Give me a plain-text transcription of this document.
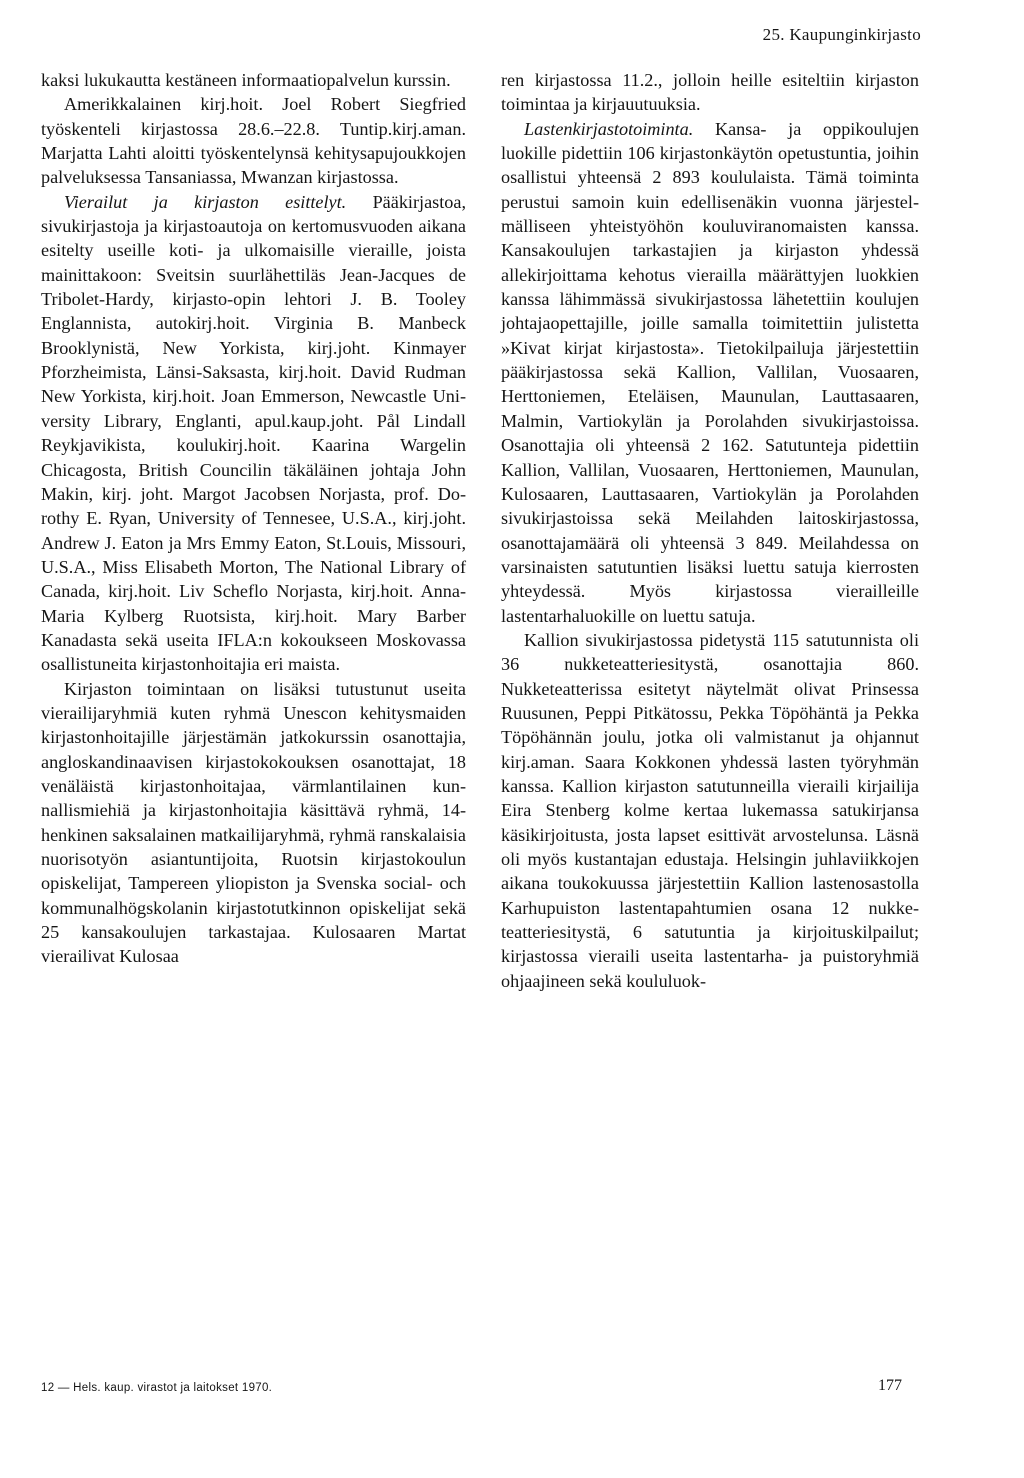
25. Kaupunginkirjasto

kaksi lukukautta kestäneen informaatiopalvelun kurssin.

Amerikkalainen kirj.hoit. Joel Robert Siegfried työskenteli kirjastossa 28.6.–22.8. Tuntip.kirj.aman. Marjatta Lahti aloitti työskentelynsä kehitysapujoukkojen palveluksessa Tansaniassa, Mwanzan kirjastossa.

Vierailut ja kirjaston esittelyt. Pääkirjastoa, sivukirjastoja ja kirjastoautoja on kertomusvuoden aikana esitelty useille koti- ja ulkomaisille vieraille, joista mainittakoon: Sveitsin suurlähettiläs Jean-Jacques de Tribolet-Hardy, kirjasto-opin lehtori J. B. Tooley Englannista, autokirj.hoit. Virginia B. Manbeck Brooklynistä, New Yorkista, kirj.joht. Kinmayer Pforzheimista, Länsi-Saksasta, kirj.hoit. David Rudman New Yorkista, kirj.hoit. Joan Emmerson, Newcastle University Library, Englanti, apul.kaup.joht. Pål Lindall Reykjavikista, koulukirj.hoit. Kaarina Wargelin Chicagosta, British Councilin täkäläinen johtaja John Makin, kirj. joht. Margot Jacobsen Norjasta, prof. Dorothy E. Ryan, University of Tennesee, U.S.A., kirj.joht. Andrew J. Eaton ja Mrs Emmy Eaton, St.Louis, Missouri, U.S.A., Miss Elisabeth Morton, The National Library of Canada, kirj.hoit. Liv Scheflo Norjasta, kirj.hoit. Anna-Maria Kylberg Ruotsista, kirj.hoit. Mary Barber Kanadasta sekä useita IFLA:n kokoukseen Moskovassa osallistuneita kirjastonhoitajia eri maista.

Kirjaston toimintaan on lisäksi tutustunut useita vierailijaryhmiä kuten ryhmä Unescon kehitysmaiden kirjastonhoitajille järjestämän jatkokurssin osanottajia, angloskandinaavisen kirjastokokouksen osanottajat, 18 venäläistä kirjastonhoitajaa, värmlantilainen kunnallismiehiä ja kirjastonhoitajia käsittävä ryhmä, 14-henkinen saksalainen matkailijaryhmä, ryhmä ranskalaisia nuorisotyön asiantuntijoita, Ruotsin kirjastokoulun opiskelijat, Tampereen yliopiston ja Svenska social- och kommunalhögskolanin kirjastotutkinnon opiskelijat sekä 25 kansakoulujen tarkastajaa. Kulosaaren Martat vierailivat Kulosaa

ren kirjastossa 11.2., jolloin heille esiteltiin kirjaston toimintaa ja kirjauutuuksia.

Lastenkirjastotoiminta. Kansa- ja oppikoulujen luokille pidettiin 106 kirjastonkäytön opetustuntia, joihin osallistui yhteensä 2 893 koululaista. Tämä toiminta perustui samoin kuin edellisenäkin vuonna järjestelmälliseen yhteistyöhön kouluviranomaisten kanssa. Kansakoulujen tarkastajien ja kirjaston yhdessä allekirjoittama kehotus vierailla määrättyjen luokkien kanssa lähimmässä sivukirjastossa lähetettiin koulujen johtajaopettajille, joille samalla toimitettiin julistetta »Kivat kirjat kirjastosta». Tietokilpailuja järjestettiin pääkirjastossa sekä Kallion, Vallilan, Vuosaaren, Herttoniemen, Eteläisen, Maunulan, Lauttasaaren, Malmin, Vartiokylän ja Porolahden sivukirjastoissa. Osanottajia oli yhteensä 2 162. Satutunteja pidettiin Kallion, Vallilan, Vuosaaren, Herttoniemen, Maunulan, Kulosaaren, Lauttasaaren, Vartiokylän ja Porolahden sivukirjastoissa sekä Meilahden laitoskirjastossa, osanottajamäärä oli yhteensä 3 849. Meilahdessa on varsinaisten satutuntien lisäksi luettu satuja kierrosten yhteydessä. Myös kirjastossa vierailleille lastentarhaluokille on luettu satuja.

Kallion sivukirjastossa pidetystä 115 satutunnista oli 36 nukketeatteriesitystä, osanottajia 860. Nukketeatterissa esitetyt näytelmät olivat Prinsessa Ruusunen, Peppi Pitkätossu, Pekka Töpöhäntä ja Pekka Töpöhännän joulu, jotka oli valmistanut ja ohjannut kirj.aman. Saara Kokkonen yhdessä lasten työryhmän kanssa. Kallion kirjaston satutunneilla vieraili kirjailija Eira Stenberg kolme kertaa lukemassa satukirjansa käsikirjoitusta, josta lapset esittivät arvostelunsa. Läsnä oli myös kustantajan edustaja. Helsingin juhlaviikkojen aikana toukokuussa järjestettiin Kallion lastenosastolla Karhupuiston lastentapahtumien osana 12 nukketeatteriesitystä, 6 satutuntia ja kirjoituskilpailut; kirjastossa vieraili useita lastentarha- ja puistoryhmiä ohjaajineen sekä koululuok-

12 — Hels. kaup. virastot ja laitokset 1970.	177
